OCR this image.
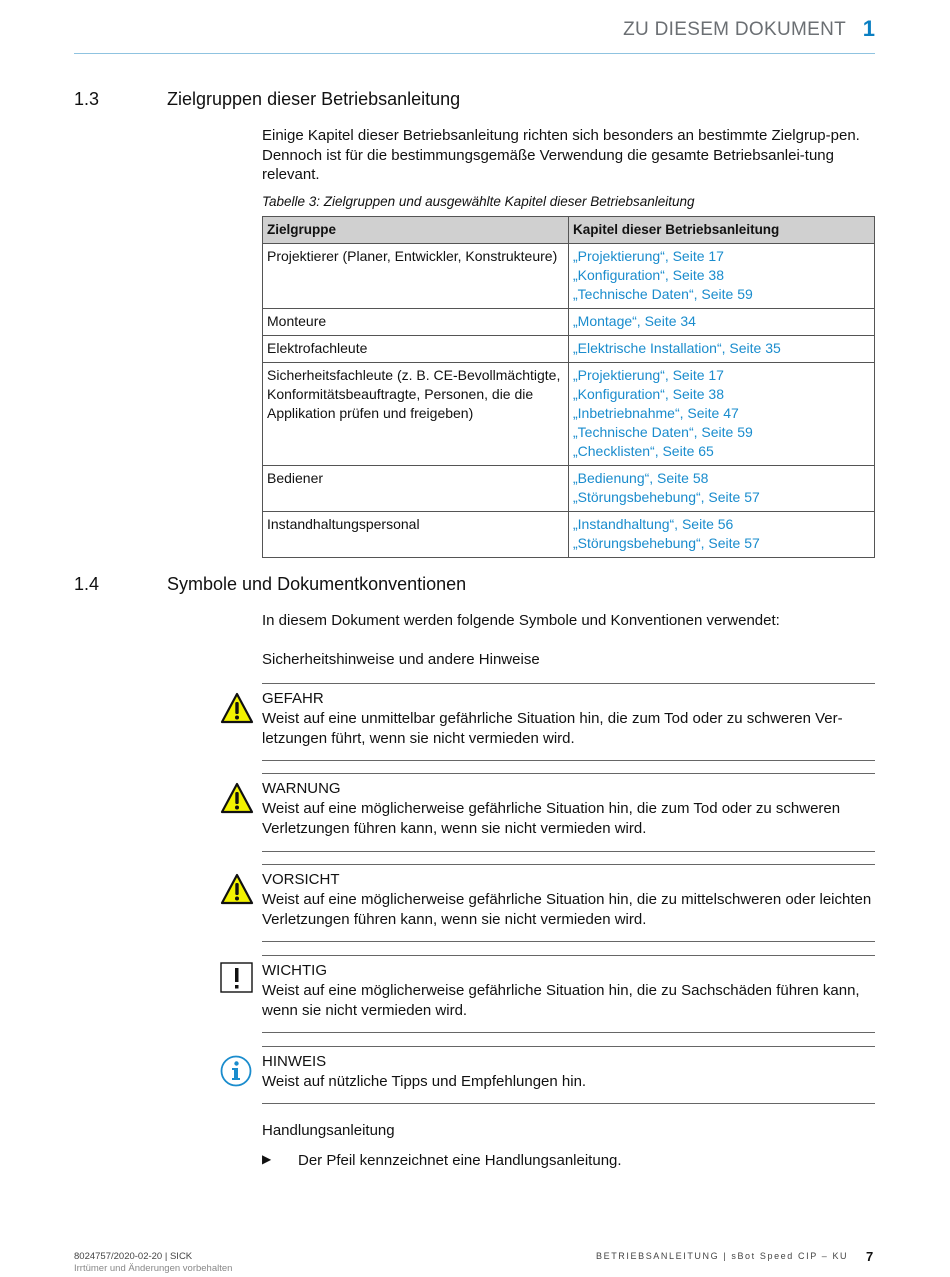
ZU DIESEM DOKUMENT 1
1.3	Zielgruppen dieser Betriebsanleitung
Einige Kapitel dieser Betriebsanleitung richten sich besonders an bestimmte Zielgrup-pen. Dennoch ist für die bestimmungsgemäße Verwendung die gesamte Betriebsanlei-tung relevant.
Tabelle 3: Zielgruppen und ausgewählte Kapitel dieser Betriebsanleitung
Zielgruppe	Kapitel dieser Betriebsanleitung
Projektierer (Planer, Entwickler, Konstrukteure)	„Projektierung“, Seite 17
„Konfiguration“, Seite 38
„Technische Daten“, Seite 59

Monteure	„Montage“, Seite 34

Elektrofachleute	„Elektrische Installation“, Seite 35

Sicherheitsfachleute (z. B. CE-Bevollmächtigte, Konformitätsbeauftragte, Personen, die die Applikation prüfen und freigeben)	„Projektierung“, Seite 17
„Konfiguration“, Seite 38
„Inbetriebnahme“, Seite 47
„Technische Daten“, Seite 59
„Checklisten“, Seite 65

Bediener	„Bedienung“, Seite 58
„Störungsbehebung“, Seite 57

Instandhaltungspersonal	„Instandhaltung“, Seite 56
„Störungsbehebung“, Seite 57
1.4	Symbole und Dokumentkonventionen
In diesem Dokument werden folgende Symbole und Konventionen verwendet:
Sicherheitshinweise und andere Hinweise
GEFAHR
Weist auf eine unmittelbar gefährliche Situation hin, die zum Tod oder zu schweren Ver-letzungen führt, wenn sie nicht vermieden wird.
WARNUNG
Weist auf eine möglicherweise gefährliche Situation hin, die zum Tod oder zu schweren Verletzungen führen kann, wenn sie nicht vermieden wird.
VORSICHT
Weist auf eine möglicherweise gefährliche Situation hin, die zu mittelschweren oder leichten Verletzungen führen kann, wenn sie nicht vermieden wird.
WICHTIG
Weist auf eine möglicherweise gefährliche Situation hin, die zu Sachschäden führen kann, wenn sie nicht vermieden wird.
HINWEIS
Weist auf nützliche Tipps und Empfehlungen hin.
Handlungsanleitung
▶ Der Pfeil kennzeichnet eine Handlungsanleitung.
8024757/2020-02-20 | SICK
Irrtümer und Änderungen vorbehalten
BETRIEBSANLEITUNG | sBot Speed CIP – KU 7
